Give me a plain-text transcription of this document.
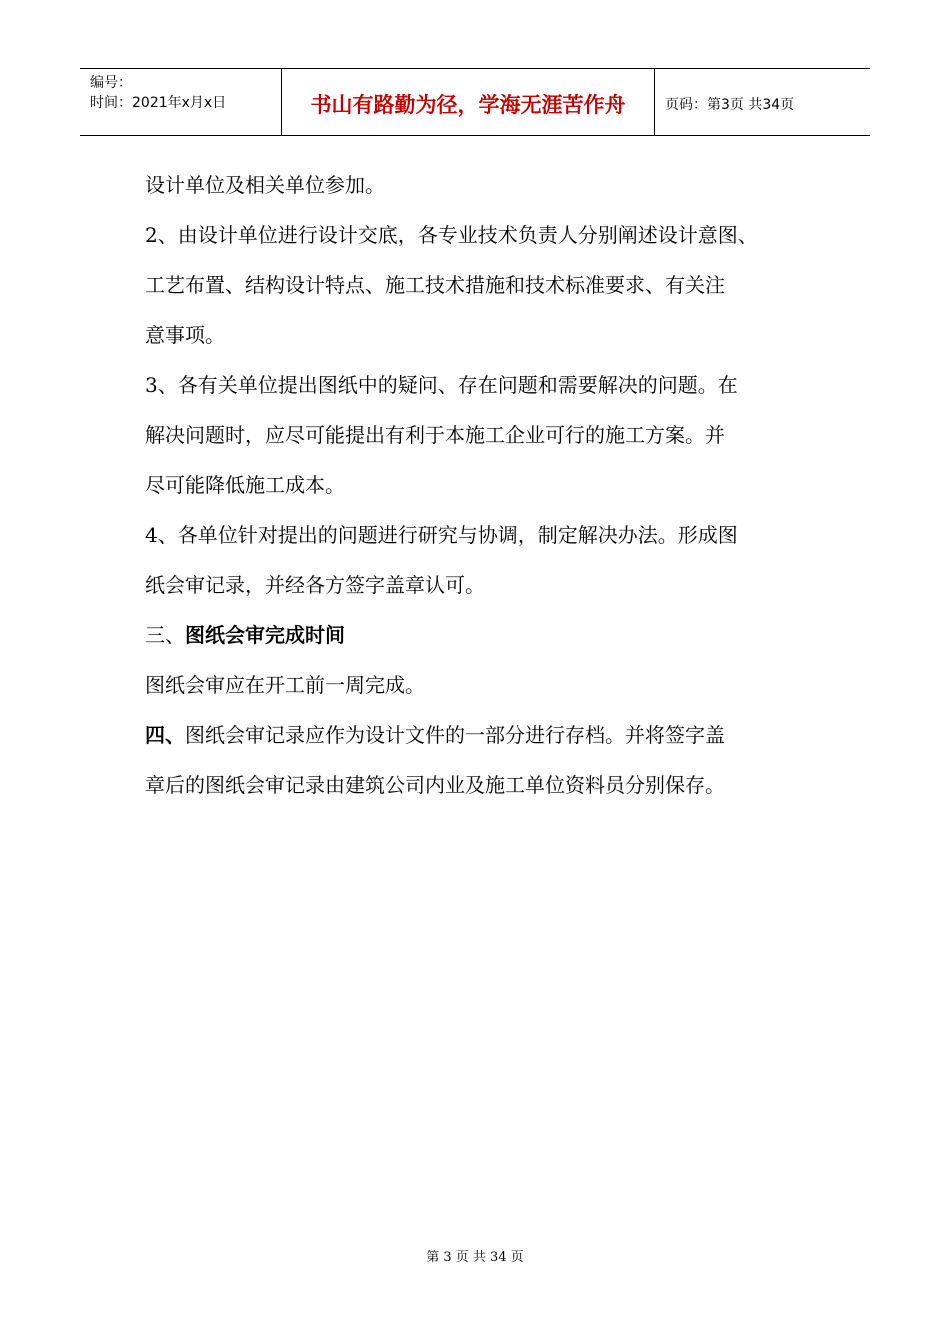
编号：
时间：2021年x月x日	书山有路勤为径，学海无涯苦作舟	页码：第3页 共34页
设计单位及相关单位参加。
2、由设计单位进行设计交底，各专业技术负责人分别阐述设计意图、
工艺布置、结构设计特点、施工技术措施和技术标准要求、有关注
意事项。
3、各有关单位提出图纸中的疑问、存在问题和需要解决的问题。在
解决问题时，应尽可能提出有利于本施工企业可行的施工方案。并
尽可能降低施工成本。
4、各单位针对提出的问题进行研究与协调，制定解决办法。形成图
纸会审记录，并经各方签字盖章认可。
三、图纸会审完成时间
图纸会审应在开工前一周完成。
四、图纸会审记录应作为设计文件的一部分进行存档。并将签字盖
章后的图纸会审记录由建筑公司内业及施工单位资料员分别保存。
第 3 页 共 34 页
